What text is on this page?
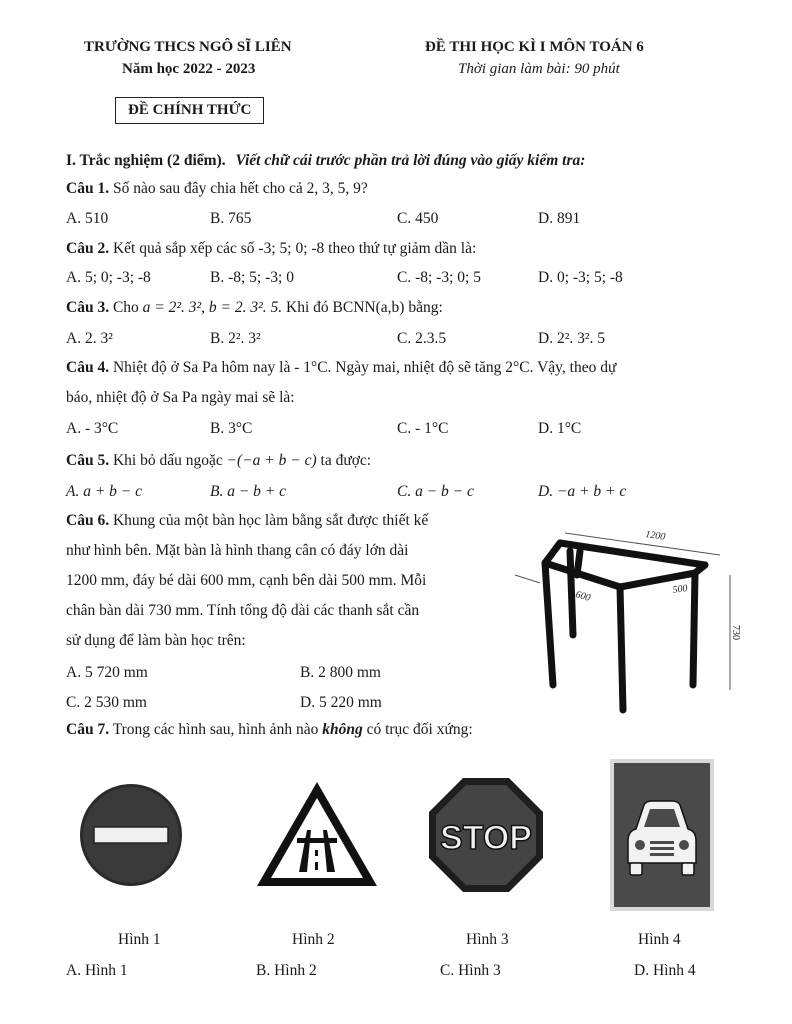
TRƯỜNG THCS NGÔ SĨ LIÊN
Năm học 2022 - 2023
ĐỀ THI HỌC KÌ I MÔN TOÁN 6
Thời gian làm bài: 90 phút
ĐỀ CHÍNH THỨC
I. Trắc nghiệm (2 điểm). Viết chữ cái trước phần trả lời đúng vào giấy kiểm tra:
Câu 1. Số nào sau đây chia hết cho cả 2, 3, 5, 9?
A. 510	B. 765	C. 450	D. 891
Câu 2. Kết quả sắp xếp các số -3; 5; 0; -8 theo thứ tự giảm dần là:
A. 5; 0; -3; -8	B. -8; 5; -3; 0	C. -8; -3; 0; 5	D. 0; -3; 5; -8
Câu 3. Cho a = 2². 3², b = 2. 3². 5. Khi đó BCNN(a,b) bằng:
A. 2. 3²	B. 2². 3²	C. 2.3.5	D. 2². 3². 5
Câu 4. Nhiệt độ ở Sa Pa hôm nay là - 1°C. Ngày mai, nhiệt độ sẽ tăng 2°C. Vậy, theo dự
báo, nhiệt độ ở Sa Pa ngày mai sẽ là:
A. - 3°C	B. 3°C	C. - 1°C	D. 1°C
Câu 5. Khi bỏ dấu ngoặc −(−a + b − c) ta được:
A. a + b − c	B. a − b + c	C. a − b − c	D. −a + b + c
Câu 6. Khung của một bàn học làm bằng sắt được thiết kế
như hình bên. Mặt bàn là hình thang cân có đáy lớn dài
1200 mm, đáy bé dài 600 mm, cạnh bên dài 500 mm. Mỗi
chân bàn dài 730 mm. Tính tổng độ dài các thanh sắt cần
sử dụng để làm bàn học trên:
A. 5 720 mm	B. 2 800 mm
C. 2 530 mm	D. 5 220 mm
1200
600	500
730
Câu 7. Trong các hình sau, hình ảnh nào không có trục đối xứng:
STOP
Hình 1	Hình 2	Hình 3	Hình 4
A. Hình 1	B. Hình 2	C. Hình 3	D. Hình 4
